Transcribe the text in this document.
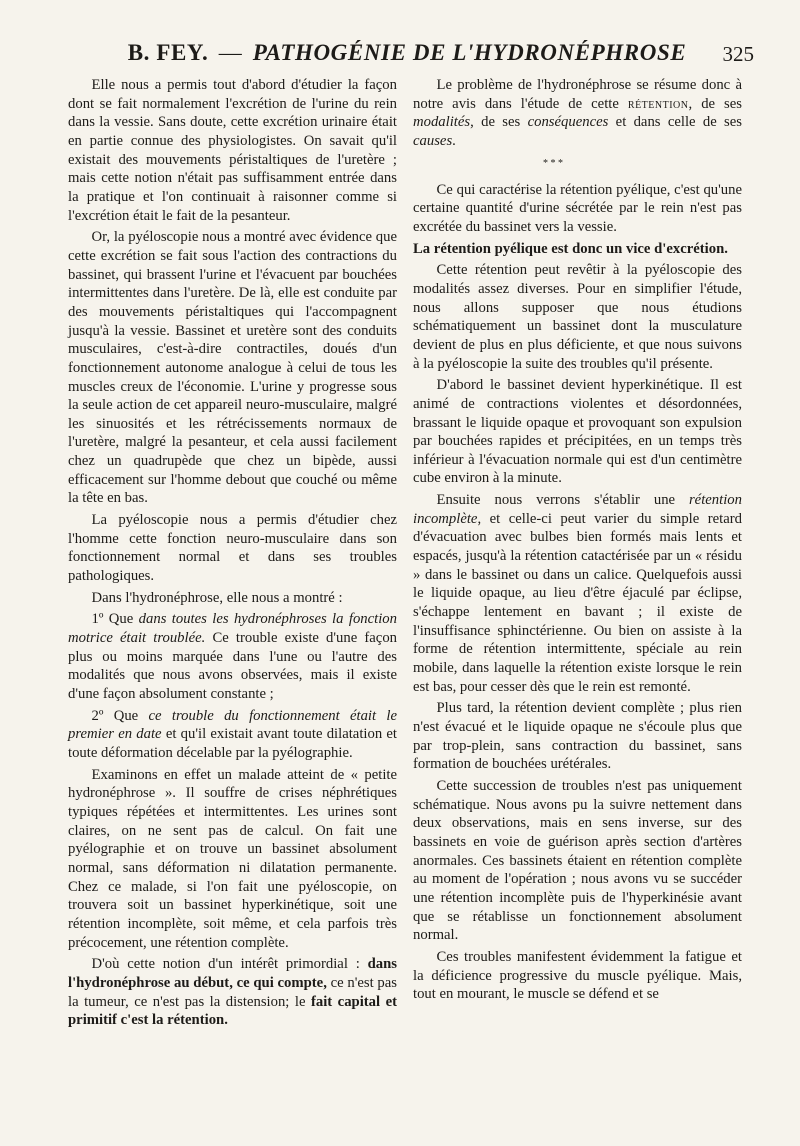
B. FEY. — PATHOGÉNIE DE L'HYDRONÉPHROSE	325

Elle nous a permis tout d'abord d'étudier la façon dont se fait normalement l'excrétion de l'urine du rein dans la vessie. Sans doute, cette excrétion urinaire était en partie connue des physiologistes. On savait qu'il existait des mouvements péristaltiques de l'uretère ; mais cette notion n'était pas suffisamment entrée dans la pratique et l'on continuait à raisonner comme si l'excrétion était le fait de la pesanteur.

Or, la pyéloscopie nous a montré avec évidence que cette excrétion se fait sous l'action des contractions du bassinet, qui brassent l'urine et l'évacuent par bouchées intermittentes dans l'uretère. De là, elle est conduite par des mouvements péristaltiques qui l'accompagnent jusqu'à la vessie. Bassinet et uretère sont des conduits musculaires, c'est-à-dire contractiles, doués d'un fonctionnement autonome analogue à celui de tous les muscles creux de l'économie. L'urine y progresse sous la seule action de cet appareil neuro-musculaire, malgré les sinuosités et les rétrécissements normaux de l'uretère, malgré la pesanteur, et cela aussi facilement chez un quadrupède que chez un bipède, aussi efficacement sur l'homme debout que couché ou même la tête en bas.

La pyéloscopie nous a permis d'étudier chez l'homme cette fonction neuro-musculaire dans son fonctionnement normal et dans ses troubles pathologiques.

Dans l'hydronéphrose, elle nous a montré :

1º Que dans toutes les hydronéphroses la fonction motrice était troublée. Ce trouble existe d'une façon plus ou moins marquée dans l'une ou l'autre des modalités que nous avons observées, mais il existe d'une façon absolument constante ;

2º Que ce trouble du fonctionnement était le premier en date et qu'il existait avant toute dilatation et toute déformation décelable par la pyélographie.

Examinons en effet un malade atteint de « petite hydronéphrose ». Il souffre de crises néphrétiques typiques répétées et intermittentes. Les urines sont claires, on ne sent pas de calcul. On fait une pyélographie et on trouve un bassinet absolument normal, sans déformation ni dilatation permanente. Chez ce malade, si l'on fait une pyéloscopie, on trouvera soit un bassinet hyperkinétique, soit une rétention incomplète, soit même, et cela parfois très précocement, une rétention complète.

D'où cette notion d'un intérêt primordial : dans l'hydronéphrose au début, ce qui compte, ce n'est pas la tumeur, ce n'est pas la distension; le fait capital et primitif c'est la rétention.

Le problème de l'hydronéphrose se résume donc à notre avis dans l'étude de cette rétention, de ses modalités, de ses conséquences et dans celle de ses causes.

* * *

Ce qui caractérise la rétention pyélique, c'est qu'une certaine quantité d'urine sécrétée par le rein n'est pas excrétée du bassinet vers la vessie.

La rétention pyélique est donc un vice d'excrétion.

Cette rétention peut revêtir à la pyéloscopie des modalités assez diverses. Pour en simplifier l'étude, nous allons supposer que nous étudions schématiquement un bassinet dont la musculature devient de plus en plus déficiente, et que nous suivons à la pyéloscopie la suite des troubles qu'il présente.

D'abord le bassinet devient hyperkinétique. Il est animé de contractions violentes et désordonnées, brassant le liquide opaque et provoquant son expulsion par bouchées rapides et précipitées, en un temps très inférieur à l'évacuation normale qui est d'un centimètre cube environ à la minute.

Ensuite nous verrons s'établir une rétention incomplète, et celle-ci peut varier du simple retard d'évacuation avec bulbes bien formés mais lents et espacés, jusqu'à la rétention catactérisée par un « résidu » dans le bassinet ou dans un calice. Quelquefois aussi le liquide opaque, au lieu d'être éjaculé par éclipse, s'échappe lentement en bavant ; il existe de l'insuffisance sphinctérienne. Ou bien on assiste à la forme de rétention intermittente, spéciale au rein mobile, dans laquelle la rétention existe lorsque le rein est bas, pour cesser dès que le rein est remonté.

Plus tard, la rétention devient complète ; plus rien n'est évacué et le liquide opaque ne s'écoule plus que par trop-plein, sans contraction du bassinet, sans formation de bouchées urétérales.

Cette succession de troubles n'est pas uniquement schématique. Nous avons pu la suivre nettement dans deux observations, mais en sens inverse, sur des bassinets en voie de guérison après section d'artères anormales. Ces bassinets étaient en rétention complète au moment de l'opération ; nous avons vu se succéder une rétention incomplète puis de l'hyperkinésie avant que se rétablisse un fonctionnement absolument normal.

Ces troubles manifestent évidemment la fatigue et la déficience progressive du muscle pyélique. Mais, tout en mourant, le muscle se défend et se
